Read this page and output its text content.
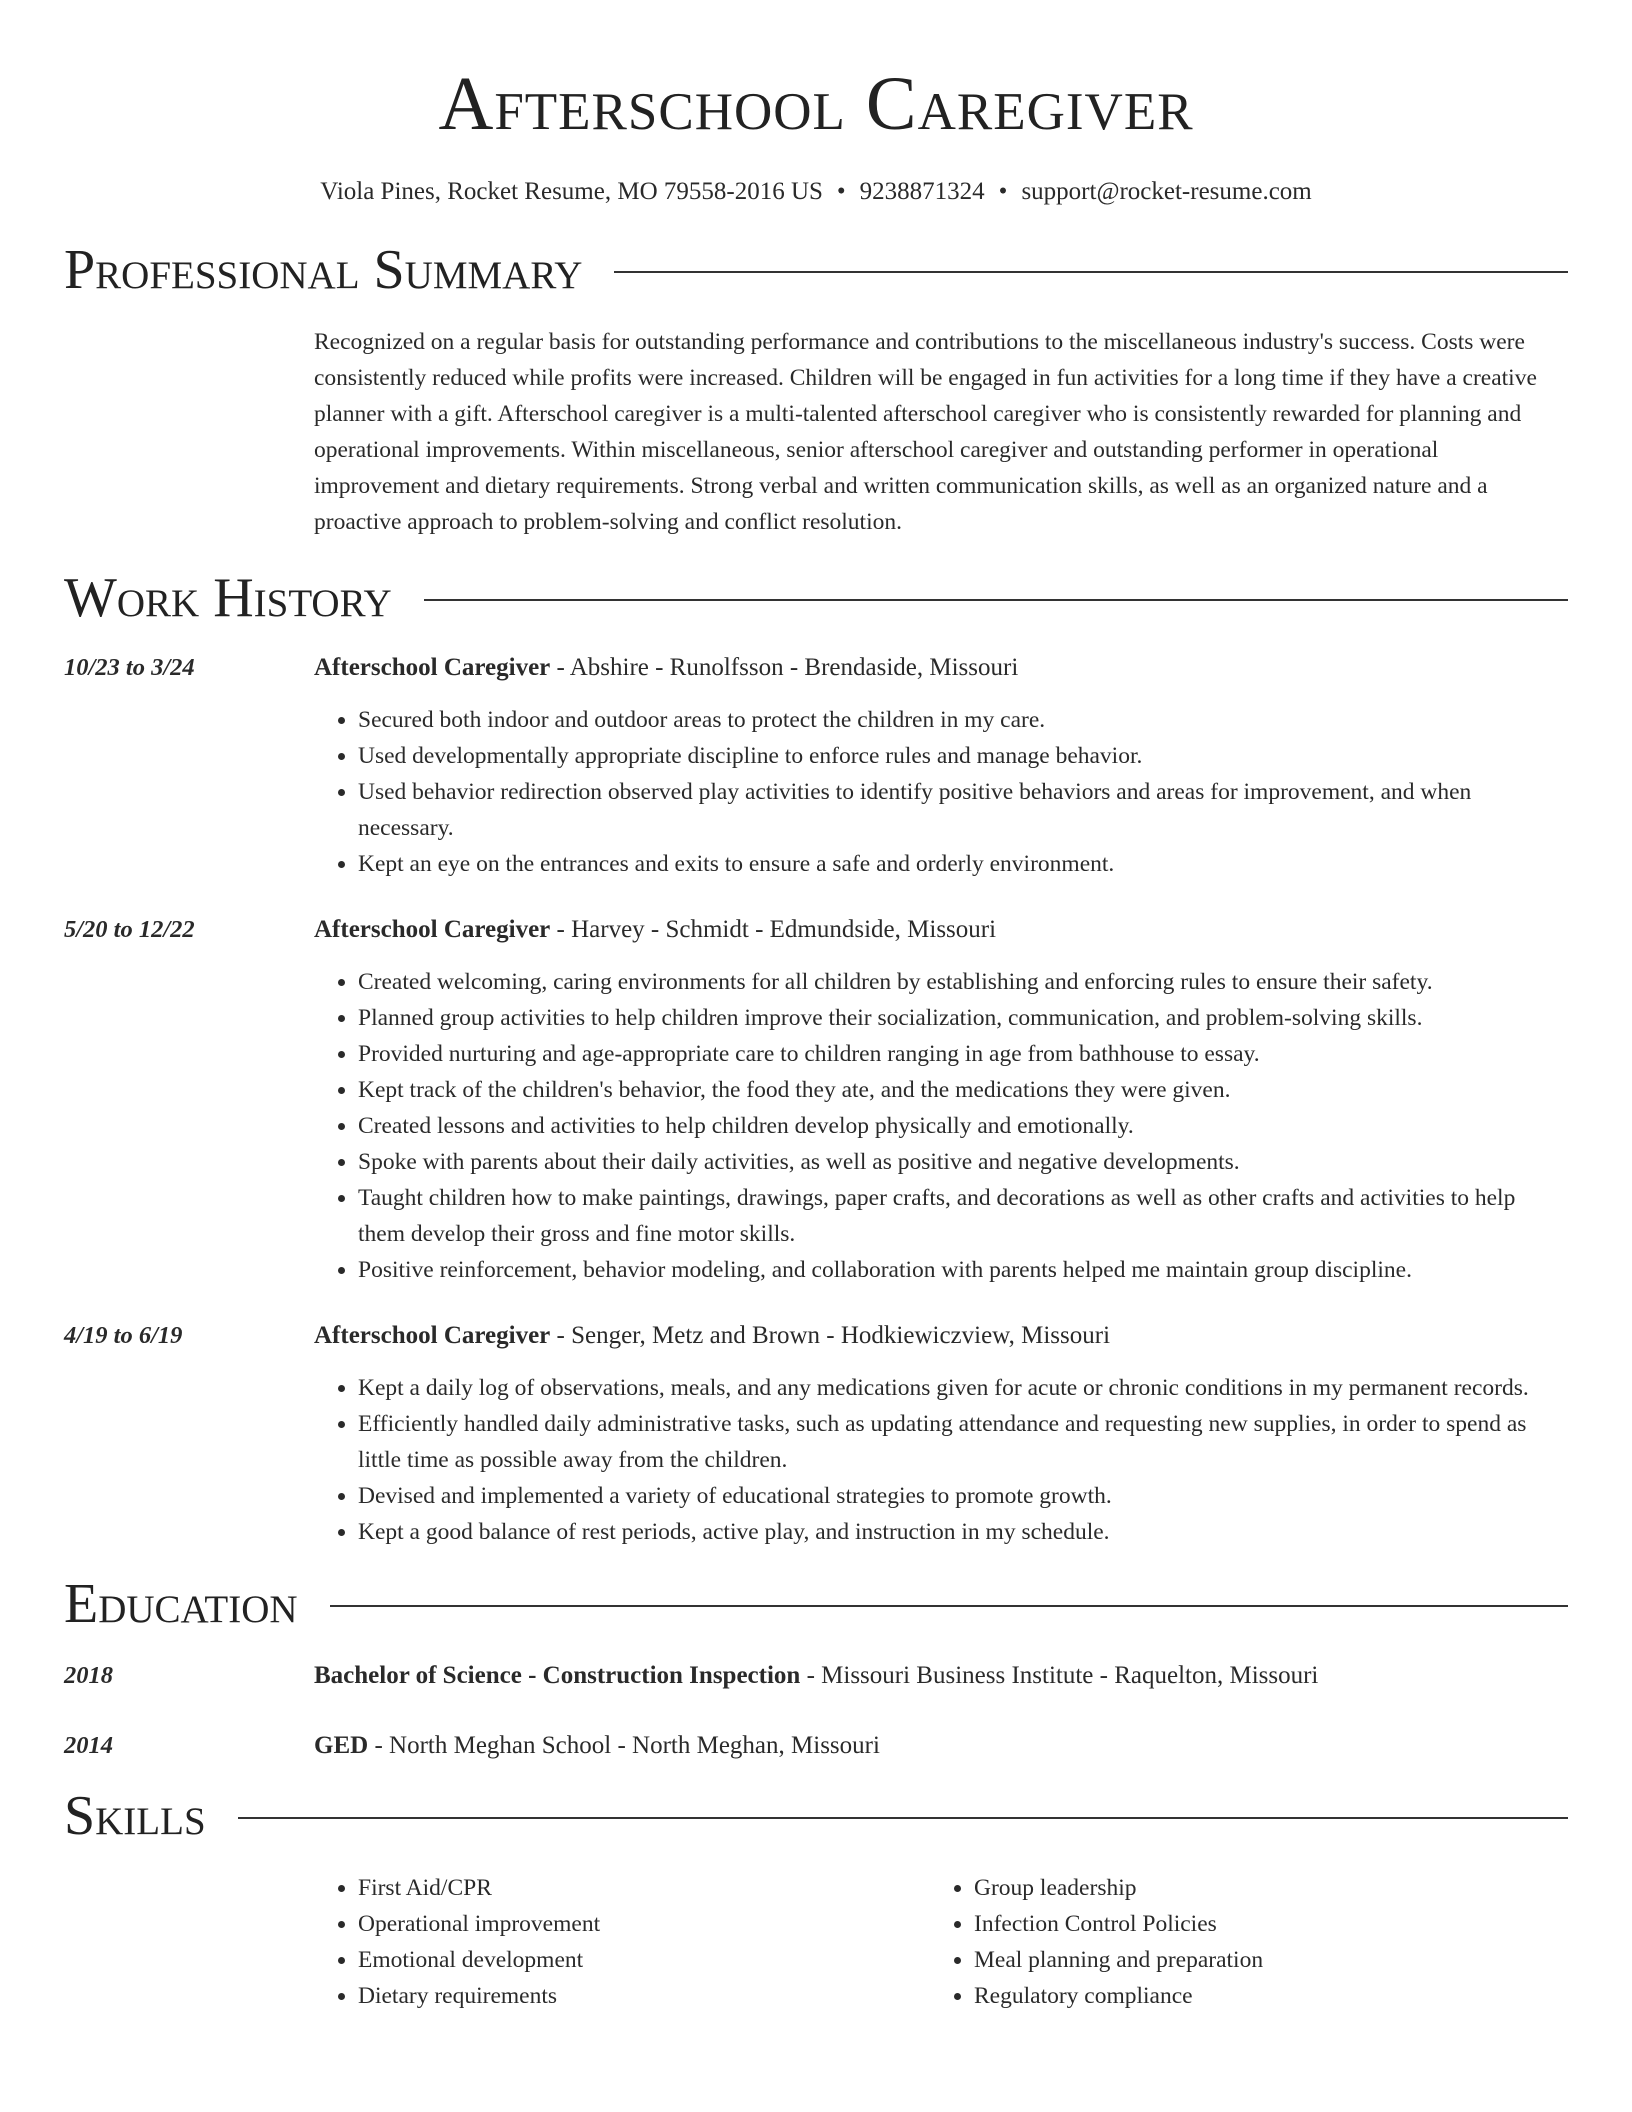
Afterschool Caregiver
Viola Pines, Rocket Resume, MO 79558-2016 US • 9238871324 • support@rocket-resume.com
Professional Summary
Recognized on a regular basis for outstanding performance and contributions to the miscellaneous industry's success. Costs were consistently reduced while profits were increased. Children will be engaged in fun activities for a long time if they have a creative planner with a gift. Afterschool caregiver is a multi-talented afterschool caregiver who is consistently rewarded for planning and operational improvements. Within miscellaneous, senior afterschool caregiver and outstanding performer in operational improvement and dietary requirements. Strong verbal and written communication skills, as well as an organized nature and a proactive approach to problem-solving and conflict resolution.
Work History
10/23 to 3/24	Afterschool Caregiver - Abshire - Runolfsson - Brendaside, Missouri
• Secured both indoor and outdoor areas to protect the children in my care.
• Used developmentally appropriate discipline to enforce rules and manage behavior.
• Used behavior redirection observed play activities to identify positive behaviors and areas for improvement, and when necessary.
• Kept an eye on the entrances and exits to ensure a safe and orderly environment.
5/20 to 12/22	Afterschool Caregiver - Harvey - Schmidt - Edmundside, Missouri
• Created welcoming, caring environments for all children by establishing and enforcing rules to ensure their safety.
• Planned group activities to help children improve their socialization, communication, and problem-solving skills.
• Provided nurturing and age-appropriate care to children ranging in age from bathhouse to essay.
• Kept track of the children's behavior, the food they ate, and the medications they were given.
• Created lessons and activities to help children develop physically and emotionally.
• Spoke with parents about their daily activities, as well as positive and negative developments.
• Taught children how to make paintings, drawings, paper crafts, and decorations as well as other crafts and activities to help them develop their gross and fine motor skills.
• Positive reinforcement, behavior modeling, and collaboration with parents helped me maintain group discipline.
4/19 to 6/19	Afterschool Caregiver - Senger, Metz and Brown - Hodkiewiczview, Missouri
• Kept a daily log of observations, meals, and any medications given for acute or chronic conditions in my permanent records.
• Efficiently handled daily administrative tasks, such as updating attendance and requesting new supplies, in order to spend as little time as possible away from the children.
• Devised and implemented a variety of educational strategies to promote growth.
• Kept a good balance of rest periods, active play, and instruction in my schedule.
Education
2018	Bachelor of Science - Construction Inspection - Missouri Business Institute - Raquelton, Missouri
2014	GED - North Meghan School - North Meghan, Missouri
Skills
• First Aid/CPR
• Operational improvement
• Emotional development
• Dietary requirements
• Group leadership
• Infection Control Policies
• Meal planning and preparation
• Regulatory compliance
